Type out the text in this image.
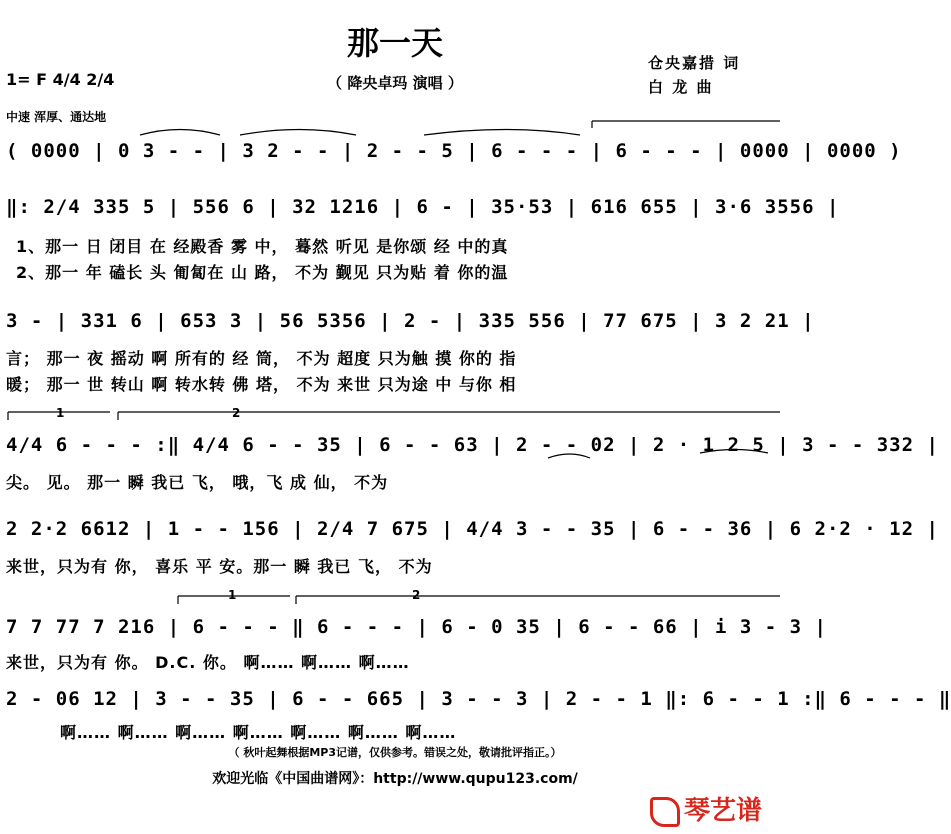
那一天
（ 降央卓玛 演唱 ）
仓央嘉措 词
白 龙 曲
1= F 4/4 2/4
中速 浑厚、通达地
( 0000 | 0 3 - - | 3 2 - - | 2 - - 5 | 6 - - - | 6 - - - | 0000 | 0000 )
‖: 2/4 335 5 | 556 6 | 32 1216 | 6 - | 35·53 | 616 655 | 3·6 3556 |
1、那一 日 闭目 在 经殿香 雾 中， 蓦然 听见 是你颂 经 中的真
2、那一 年 磕长 头 匍匐在 山 路， 不为 觐见 只为贴 着 你的温
3 - | 331 6 | 653 3 | 56 5356 | 2 - | 335 556 | 77 675 | 3 2 21 |
言； 那一 夜 摇动 啊 所有的 经 筒， 不为 超度 只为触 摸 你的 指
暖； 那一 世 转山 啊 转水转 佛 塔， 不为 来世 只为途 中 与你 相
1	2
4/4 6 - - - :‖ 4/4 6 - - 35 | 6 - - 63 | 2 - - 02 | 2 · 1 2 5 | 3 - - 332 |
尖。 见。 那一 瞬 我已 飞， 哦，飞 成 仙， 不为
2 2·2 6612 | 1 - - 156 | 2/4 7 675 | 4/4 3 - - 35 | 6 - - 36 | 6 2·2 · 12 |
来世，只为有 你， 喜乐 平 安。那一 瞬 我已 飞， 不为
1	2
7 7 77 7 216 | 6 - - - ‖ 6 - - - | 6 - 0 35 | 6 - - 66 | i 3 - 3 |
来世，只为有 你。 D.C. 你。 啊…… 啊…… 啊……
2 - 06 12 | 3 - - 35 | 6 - - 665 | 3 - - 3 | 2 - - 1 ‖: 6 - - 1 :‖ 6 - - - ‖
啊…… 啊…… 啊…… 啊…… 啊…… 啊…… 啊……
（ 秋叶起舞根据MP3记谱，仅供参考。错误之处，敬请批评指正。）
欢迎光临《中国曲谱网》：http://www.qupu123.com/
琴艺谱
